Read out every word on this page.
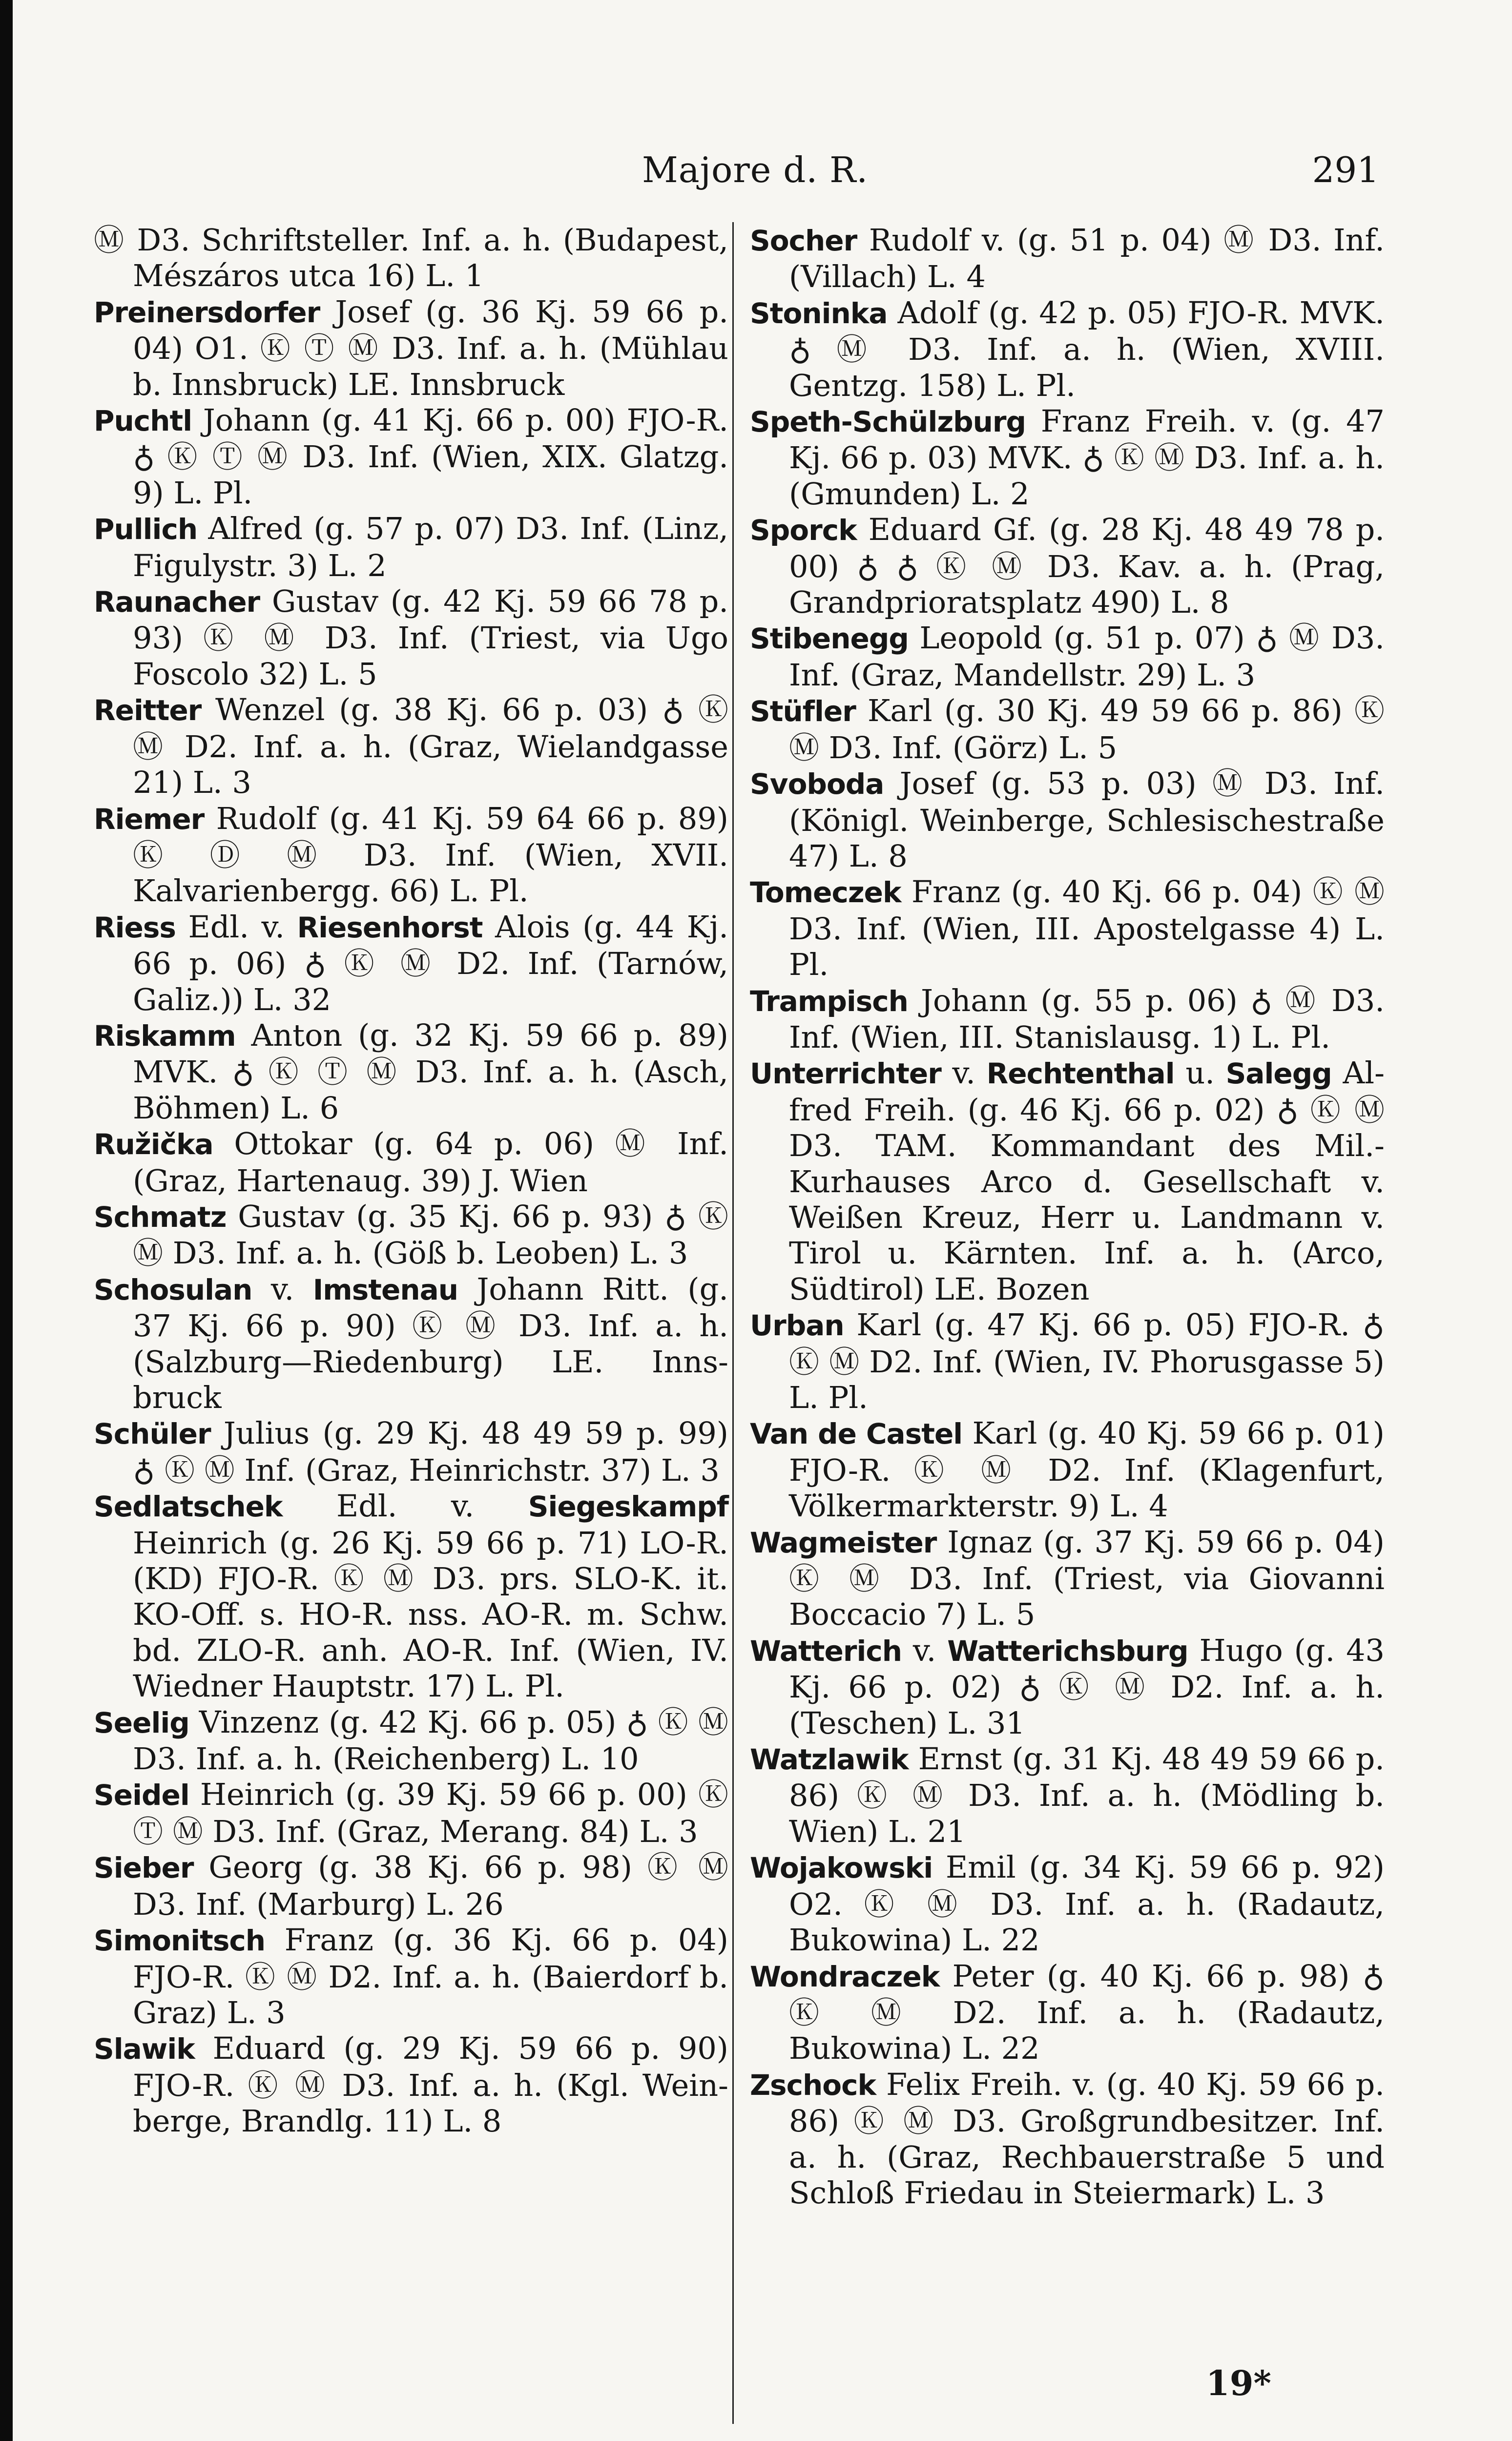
Majore d. R.	291

Ⓜ D3. Schriftsteller. Inf. a. h. (Budapest, Mészáros utca 16) L. 1

Preinersdorfer Josef (g. 36 Kj. 59 66 p. 04) O1. Ⓚ Ⓣ Ⓜ D3. Inf. a. h. (Mühlau b. Innsbruck) LE. Innsbruck

Puchtl Johann (g. 41 Kj. 66 p. 00) FJO-R. ♁ Ⓚ Ⓣ Ⓜ D3. Inf. (Wien, XIX. Glatzg. 9) L. Pl.

Pullich Alfred (g. 57 p. 07) D3. Inf. (Linz, Figulystr. 3) L. 2

Raunacher Gustav (g. 42 Kj. 59 66 78 p. 93) Ⓚ Ⓜ D3. Inf. (Triest, via Ugo Foscolo 32) L. 5

Reitter Wenzel (g. 38 Kj. 66 p. 03) ♁ Ⓚ Ⓜ D2. Inf. a. h. (Graz, Wielandgasse 21) L. 3

Riemer Rudolf (g. 41 Kj. 59 64 66 p. 89) Ⓚ Ⓓ Ⓜ D3. Inf. (Wien, XVII. Kalvarienbergg. 66) L. Pl.

Riess Edl. v. Riesenhorst Alois (g. 44 Kj. 66 p. 06) ♁ Ⓚ Ⓜ D2. Inf. (Tarnów, Galiz.)) L. 32

Riskamm Anton (g. 32 Kj. 59 66 p. 89) MVK. ♁ Ⓚ Ⓣ Ⓜ D3. Inf. a. h. (Asch, Böhmen) L. 6

Ružička Ottokar (g. 64 p. 06) Ⓜ Inf. (Graz, Hartenaug. 39) J. Wien

Schmatz Gustav (g. 35 Kj. 66 p. 93) ♁ Ⓚ Ⓜ D3. Inf. a. h. (Göß b. Leoben) L. 3

Schosulan v. Imstenau Johann Ritt. (g. 37 Kj. 66 p. 90) Ⓚ Ⓜ D3. Inf. a. h. (Salzburg—Riedenburg) LE. Innsbruck

Schüler Julius (g. 29 Kj. 48 49 59 p. 99) ♁ Ⓚ Ⓜ Inf. (Graz, Heinrichstr. 37) L. 3

Sedlatschek Edl. v. Siegeskampf Heinrich (g. 26 Kj. 59 66 p. 71) LO-R. (KD) FJO-R. Ⓚ Ⓜ D3. prs. SLO-K. it. KO-Off. s. HO-R. nss. AO-R. m. Schw. bd. ZLO-R. anh. AO-R. Inf. (Wien, IV. Wiedner Hauptstr. 17) L. Pl.

Seelig Vinzenz (g. 42 Kj. 66 p. 05) ♁ Ⓚ Ⓜ D3. Inf. a. h. (Reichenberg) L. 10

Seidel Heinrich (g. 39 Kj. 59 66 p. 00) Ⓚ Ⓣ Ⓜ D3. Inf. (Graz, Merang. 84) L. 3

Sieber Georg (g. 38 Kj. 66 p. 98) Ⓚ Ⓜ D3. Inf. (Marburg) L. 26

Simonitsch Franz (g. 36 Kj. 66 p. 04) FJO-R. Ⓚ Ⓜ D2. Inf. a. h. (Baierdorf b. Graz) L. 3

Slawik Eduard (g. 29 Kj. 59 66 p. 90) FJO-R. Ⓚ Ⓜ D3. Inf. a. h. (Kgl. Weinberge, Brandlg. 11) L. 8

Socher Rudolf v. (g. 51 p. 04) Ⓜ D3. Inf. (Villach) L. 4

Stoninka Adolf (g. 42 p. 05) FJO-R. MVK. ♁ Ⓜ D3. Inf. a. h. (Wien, XVIII. Gentzg. 158) L. Pl.

Speth-Schülzburg Franz Freih. v. (g. 47 Kj. 66 p. 03) MVK. ♁ Ⓚ Ⓜ D3. Inf. a. h. (Gmunden) L. 2

Sporck Eduard Gf. (g. 28 Kj. 48 49 78 p. 00) ♁ ♁ Ⓚ Ⓜ D3. Kav. a. h. (Prag, Grandprioratsplatz 490) L. 8

Stibenegg Leopold (g. 51 p. 07) ♁ Ⓜ D3. Inf. (Graz, Mandellstr. 29) L. 3

Stüfler Karl (g. 30 Kj. 49 59 66 p. 86) Ⓚ Ⓜ D3. Inf. (Görz) L. 5

Svoboda Josef (g. 53 p. 03) Ⓜ D3. Inf. (Königl. Weinberge, Schlesischestraße 47) L. 8

Tomeczek Franz (g. 40 Kj. 66 p. 04) Ⓚ Ⓜ D3. Inf. (Wien, III. Apostelgasse 4) L. Pl.

Trampisch Johann (g. 55 p. 06) ♁ Ⓜ D3. Inf. (Wien, III. Stanislausg. 1) L. Pl.

Unterrichter v. Rechtenthal u. Salegg Alfred Freih. (g. 46 Kj. 66 p. 02) ♁ Ⓚ Ⓜ D3. TAM. Kommandant des Mil.-Kurhauses Arco d. Gesellschaft v. Weißen Kreuz, Herr u. Landmann v. Tirol u. Kärnten. Inf. a. h. (Arco, Südtirol) LE. Bozen

Urban Karl (g. 47 Kj. 66 p. 05) FJO-R. ♁ Ⓚ Ⓜ D2. Inf. (Wien, IV. Phorusgasse 5) L. Pl.

Van de Castel Karl (g. 40 Kj. 59 66 p. 01) FJO-R. Ⓚ Ⓜ D2. Inf. (Klagenfurt, Völkermarkterstr. 9) L. 4

Wagmeister Ignaz (g. 37 Kj. 59 66 p. 04) Ⓚ Ⓜ D3. Inf. (Triest, via Giovanni Boccacio 7) L. 5

Watterich v. Watterichsburg Hugo (g. 43 Kj. 66 p. 02) ♁ Ⓚ Ⓜ D2. Inf. a. h. (Teschen) L. 31

Watzlawik Ernst (g. 31 Kj. 48 49 59 66 p. 86) Ⓚ Ⓜ D3. Inf. a. h. (Mödling b. Wien) L. 21

Wojakowski Emil (g. 34 Kj. 59 66 p. 92) O2. Ⓚ Ⓜ D3. Inf. a. h. (Radautz, Bukowina) L. 22

Wondraczek Peter (g. 40 Kj. 66 p. 98) ♁ Ⓚ Ⓜ D2. Inf. a. h. (Radautz, Bukowina) L. 22

Zschock Felix Freih. v. (g. 40 Kj. 59 66 p. 86) Ⓚ Ⓜ D3. Großgrundbesitzer. Inf. a. h. (Graz, Rechbauerstraße 5 und Schloß Friedau in Steiermark) L. 3

19*
